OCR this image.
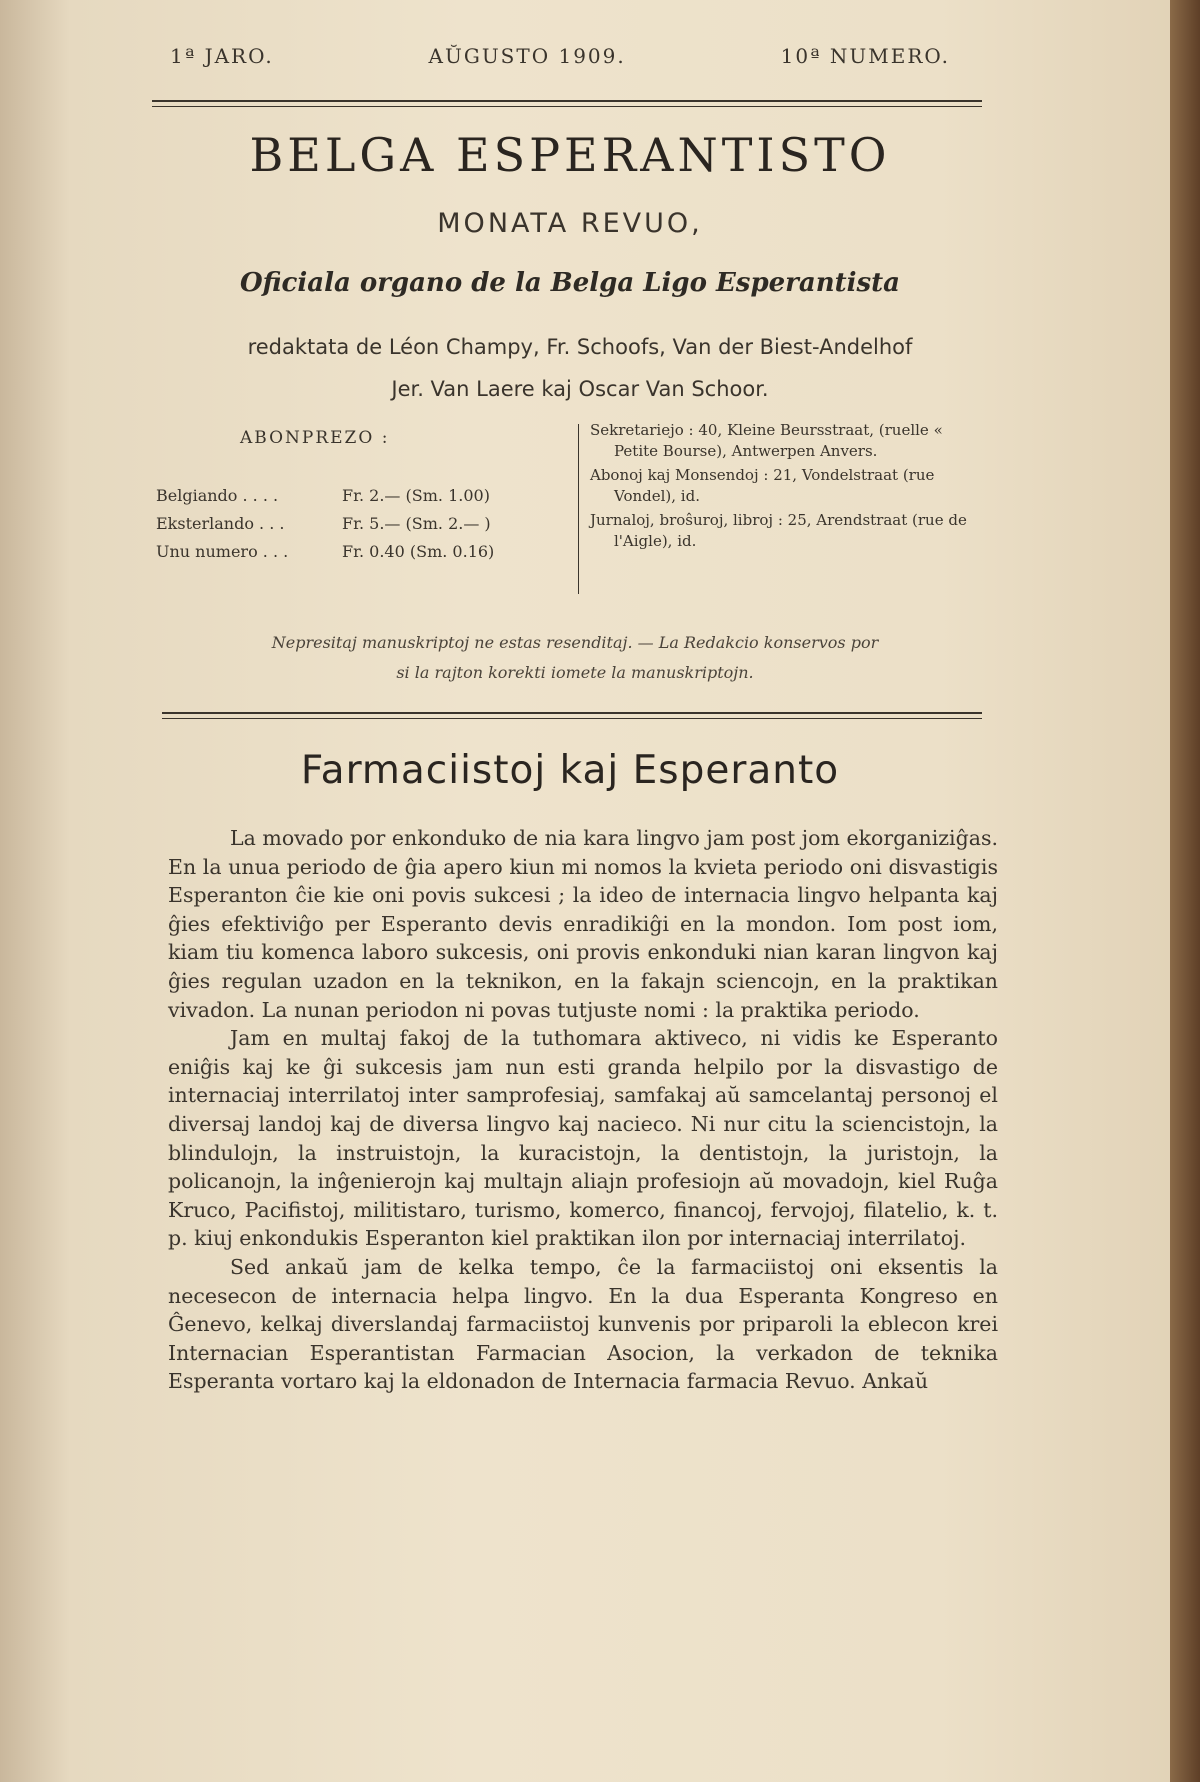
1ª JARO.	AŬGUSTO 1909.	10ª NUMERO.
BELGA ESPERANTISTO
MONATA REVUO,
Oficiala organo de la Belga Ligo Esperantista
redaktata de Léon Champy, Fr. Schoofs, Van der Biest-Andelhof
Jer. Van Laere kaj Oscar Van Schoor.
ABONPREZO :
Belgiando . . . .	Fr. 2.— (Sm. 1.00)
Eksterlando . . .	Fr. 5.— (Sm. 2.— )
Unu numero . . .	Fr. 0.40 (Sm. 0.16)
Sekretariejo : 40, Kleine Beursstraat, (ruelle « Petite Bourse), Antwerpen Anvers.
Abonoj kaj Monsendoj : 21, Vondelstraat (rue Vondel), id.
Jurnaloj, broŝuroj, libroj : 25, Arendstraat (rue de l'Aigle), id.
Nepresitaj manuskriptoj ne estas resenditaj. — La Redakcio konservos por
si la rajton korekti iomete la manuskriptojn.
Farmaciistoj kaj Esperanto

La movado por enkonduko de nia kara lingvo jam post jom ekorganiziĝas. En la unua periodo de ĝia apero kiun mi nomos la kvieta periodo oni disvastigis Esperanton ĉie kie oni povis sukcesi ; la ideo de internacia lingvo helpanta kaj ĝies efektiviĝo per Esperanto devis enradikiĝi en la mondon. Iom post iom, kiam tiu komenca laboro sukcesis, oni provis enkonduki nian karan lingvon kaj ĝies regulan uzadon en la teknikon, en la fakajn sciencojn, en la praktikan vivadon. La nunan periodon ni povas tutjuste nomi : la praktika periodo.

Jam en multaj fakoj de la tuthomara aktiveco, ni vidis ke Esperanto eniĝis kaj ke ĝi sukcesis jam nun esti granda helpilo por la disvastigo de internaciaj interrilatoj inter samprofesiaj, samfakaj aŭ samcelantaj personoj el diversaj landoj kaj de diversa lingvo kaj nacieco. Ni nur citu la sciencistojn, la blindulojn, la instruistojn, la kuracistojn, la dentistojn, la juristojn, la policanojn, la inĝenierojn kaj multajn aliajn profesiojn aŭ movadojn, kiel Ruĝa Kruco, Pacifistoj, militistaro, turismo, komerco, financoj, fervojoj, filatelio, k. t. p. kiuj enkondukis Esperanton kiel praktikan ilon por internaciaj interrilatoj.

Sed ankaŭ jam de kelka tempo, ĉe la farmaciistoj oni eksentis la necesecon de internacia helpa lingvo. En la dua Esperanta Kongreso en Ĝenevo, kelkaj diverslandaj farmaciistoj kunvenis por priparoli la eblecon krei Internacian Esperantistan Farmacian Asocion, la verkadon de teknika Esperanta vortaro kaj la eldonadon de Internacia farmacia Revuo. Ankaŭ
